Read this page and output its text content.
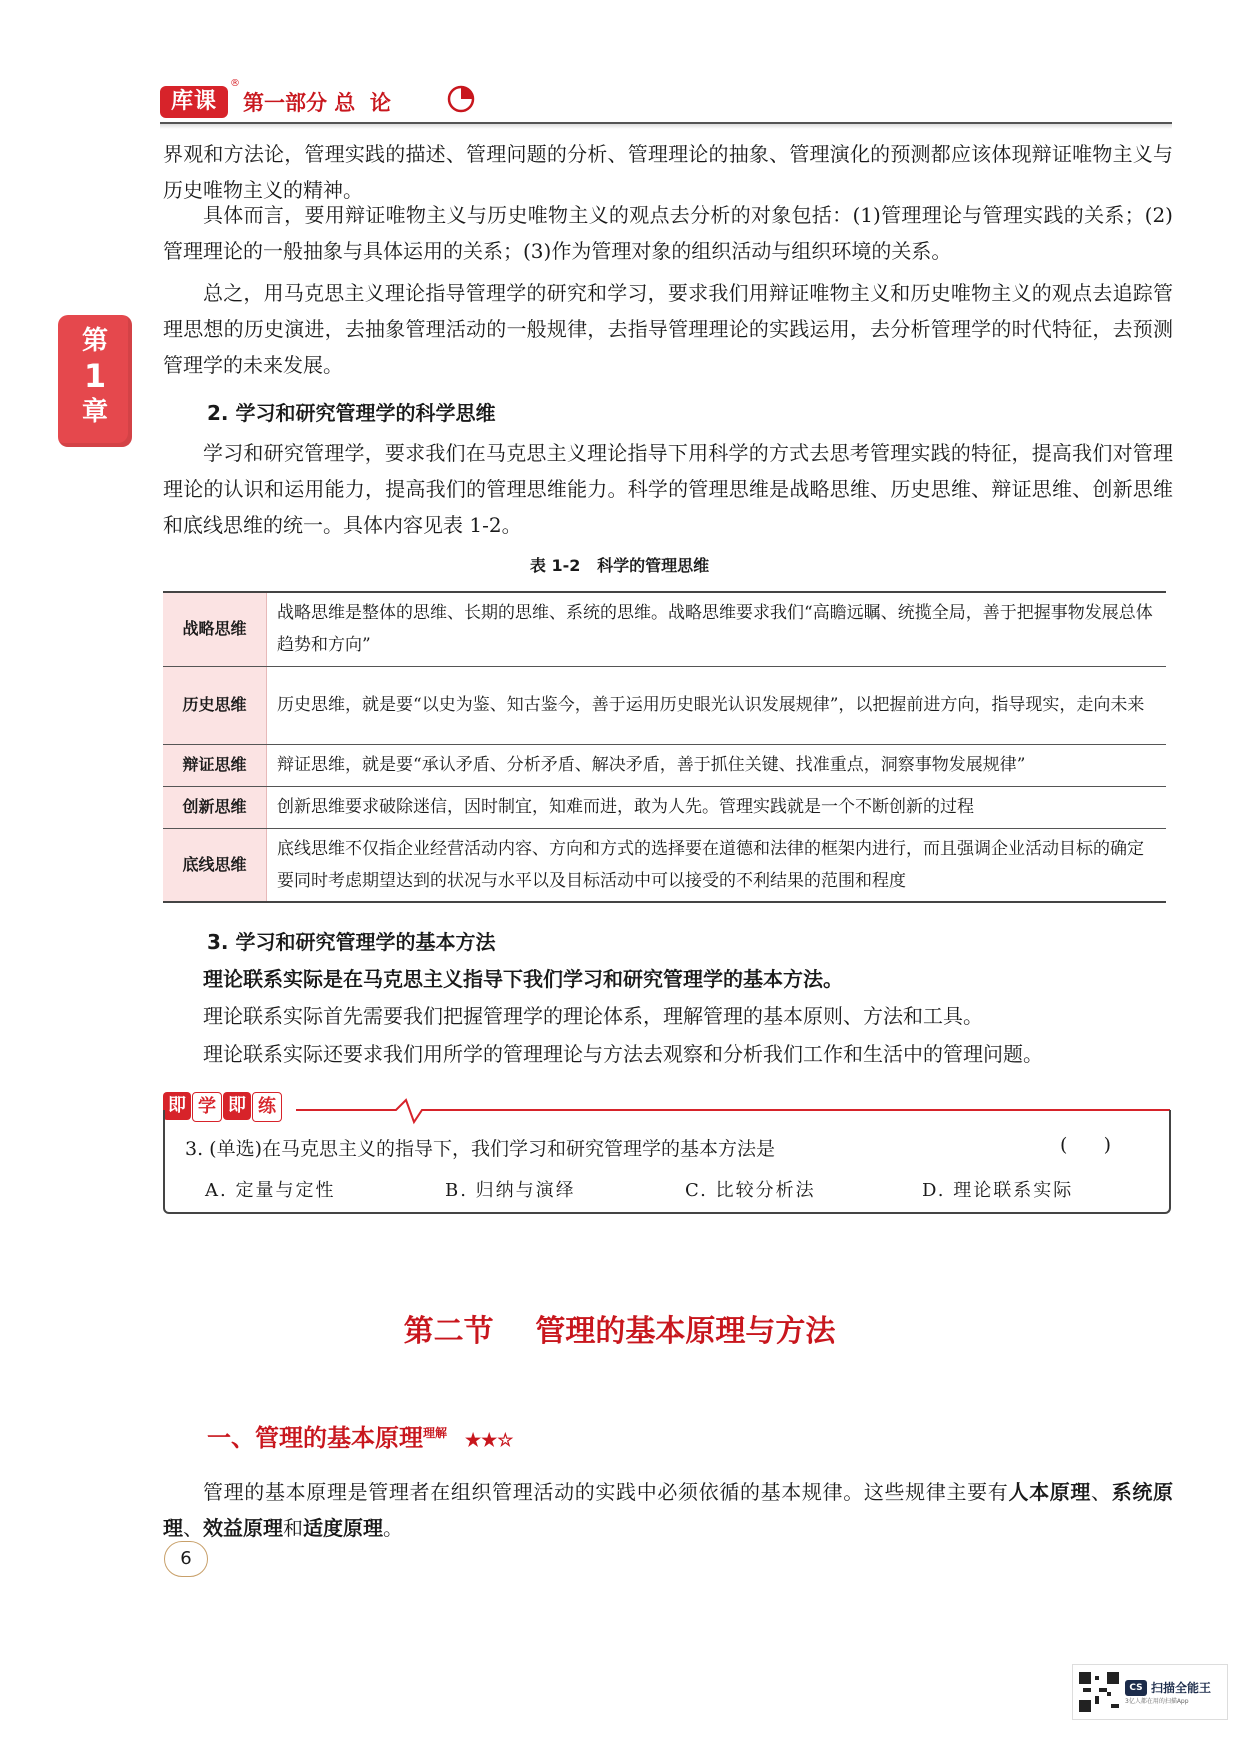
库课
®
第一部分 总  论
第
1
章

界观和方法论，管理实践的描述、管理问题的分析、管理理论的抽象、管理演化的预测都应该体现辩证唯物主义与历史唯物主义的精神。

具体而言，要用辩证唯物主义与历史唯物主义的观点去分析的对象包括：(1)管理理论与管理实践的关系；(2)管理理论的一般抽象与具体运用的关系；(3)作为管理对象的组织活动与组织环境的关系。

总之，用马克思主义理论指导管理学的研究和学习，要求我们用辩证唯物主义和历史唯物主义的观点去追踪管理思想的历史演进，去抽象管理活动的一般规律，去指导管理理论的实践运用，去分析管理学的时代特征，去预测管理学的未来发展。

2. 学习和研究管理学的科学思维

学习和研究管理学，要求我们在马克思主义理论指导下用科学的方式去思考管理实践的特征，提高我们对管理理论的认识和运用能力，提高我们的管理思维能力。科学的管理思维是战略思维、历史思维、辩证思维、创新思维和底线思维的统一。具体内容见表 1-2。

表 1-2   科学的管理思维
战略思维	战略思维是整体的思维、长期的思维、系统的思维。战略思维要求我们“高瞻远瞩、统揽全局，善于把握事物发展总体趋势和方向”
历史思维	历史思维，就是要“以史为鉴、知古鉴今，善于运用历史眼光认识发展规律”，以把握前进方向，指导现实，走向未来
辩证思维	辩证思维，就是要“承认矛盾、分析矛盾、解决矛盾，善于抓住关键、找准重点，洞察事物发展规律”
创新思维	创新思维要求破除迷信，因时制宜，知难而进，敢为人先。管理实践就是一个不断创新的过程
底线思维	底线思维不仅指企业经营活动内容、方向和方式的选择要在道德和法律的框架内进行，而且强调企业活动目标的确定要同时考虑期望达到的状况与水平以及目标活动中可以接受的不利结果的范围和程度
3. 学习和研究管理学的基本方法

理论联系实际是在马克思主义指导下我们学习和研究管理学的基本方法。

理论联系实际首先需要我们把握管理学的理论体系，理解管理的基本原则、方法和工具。

理论联系实际还要求我们用所学的管理理论与方法去观察和分析我们工作和生活中的管理问题。

即 学 即 练
3. (单选)在马克思主义的指导下，我们学习和研究管理学的基本方法是	(      )
A. 定量与定性	B. 归纳与演绎	C. 比较分析法	D. 理论联系实际
第二节    管理的基本原理与方法
一、管理的基本原理$^{理解}$ ★★☆

管理的基本原理是管理者在组织管理活动的实践中必须依循的基本规律。这些规律主要有人本原理、系统原理、效益原理和适度原理。

6
CS 扫描全能王
3亿人都在用的扫描App
